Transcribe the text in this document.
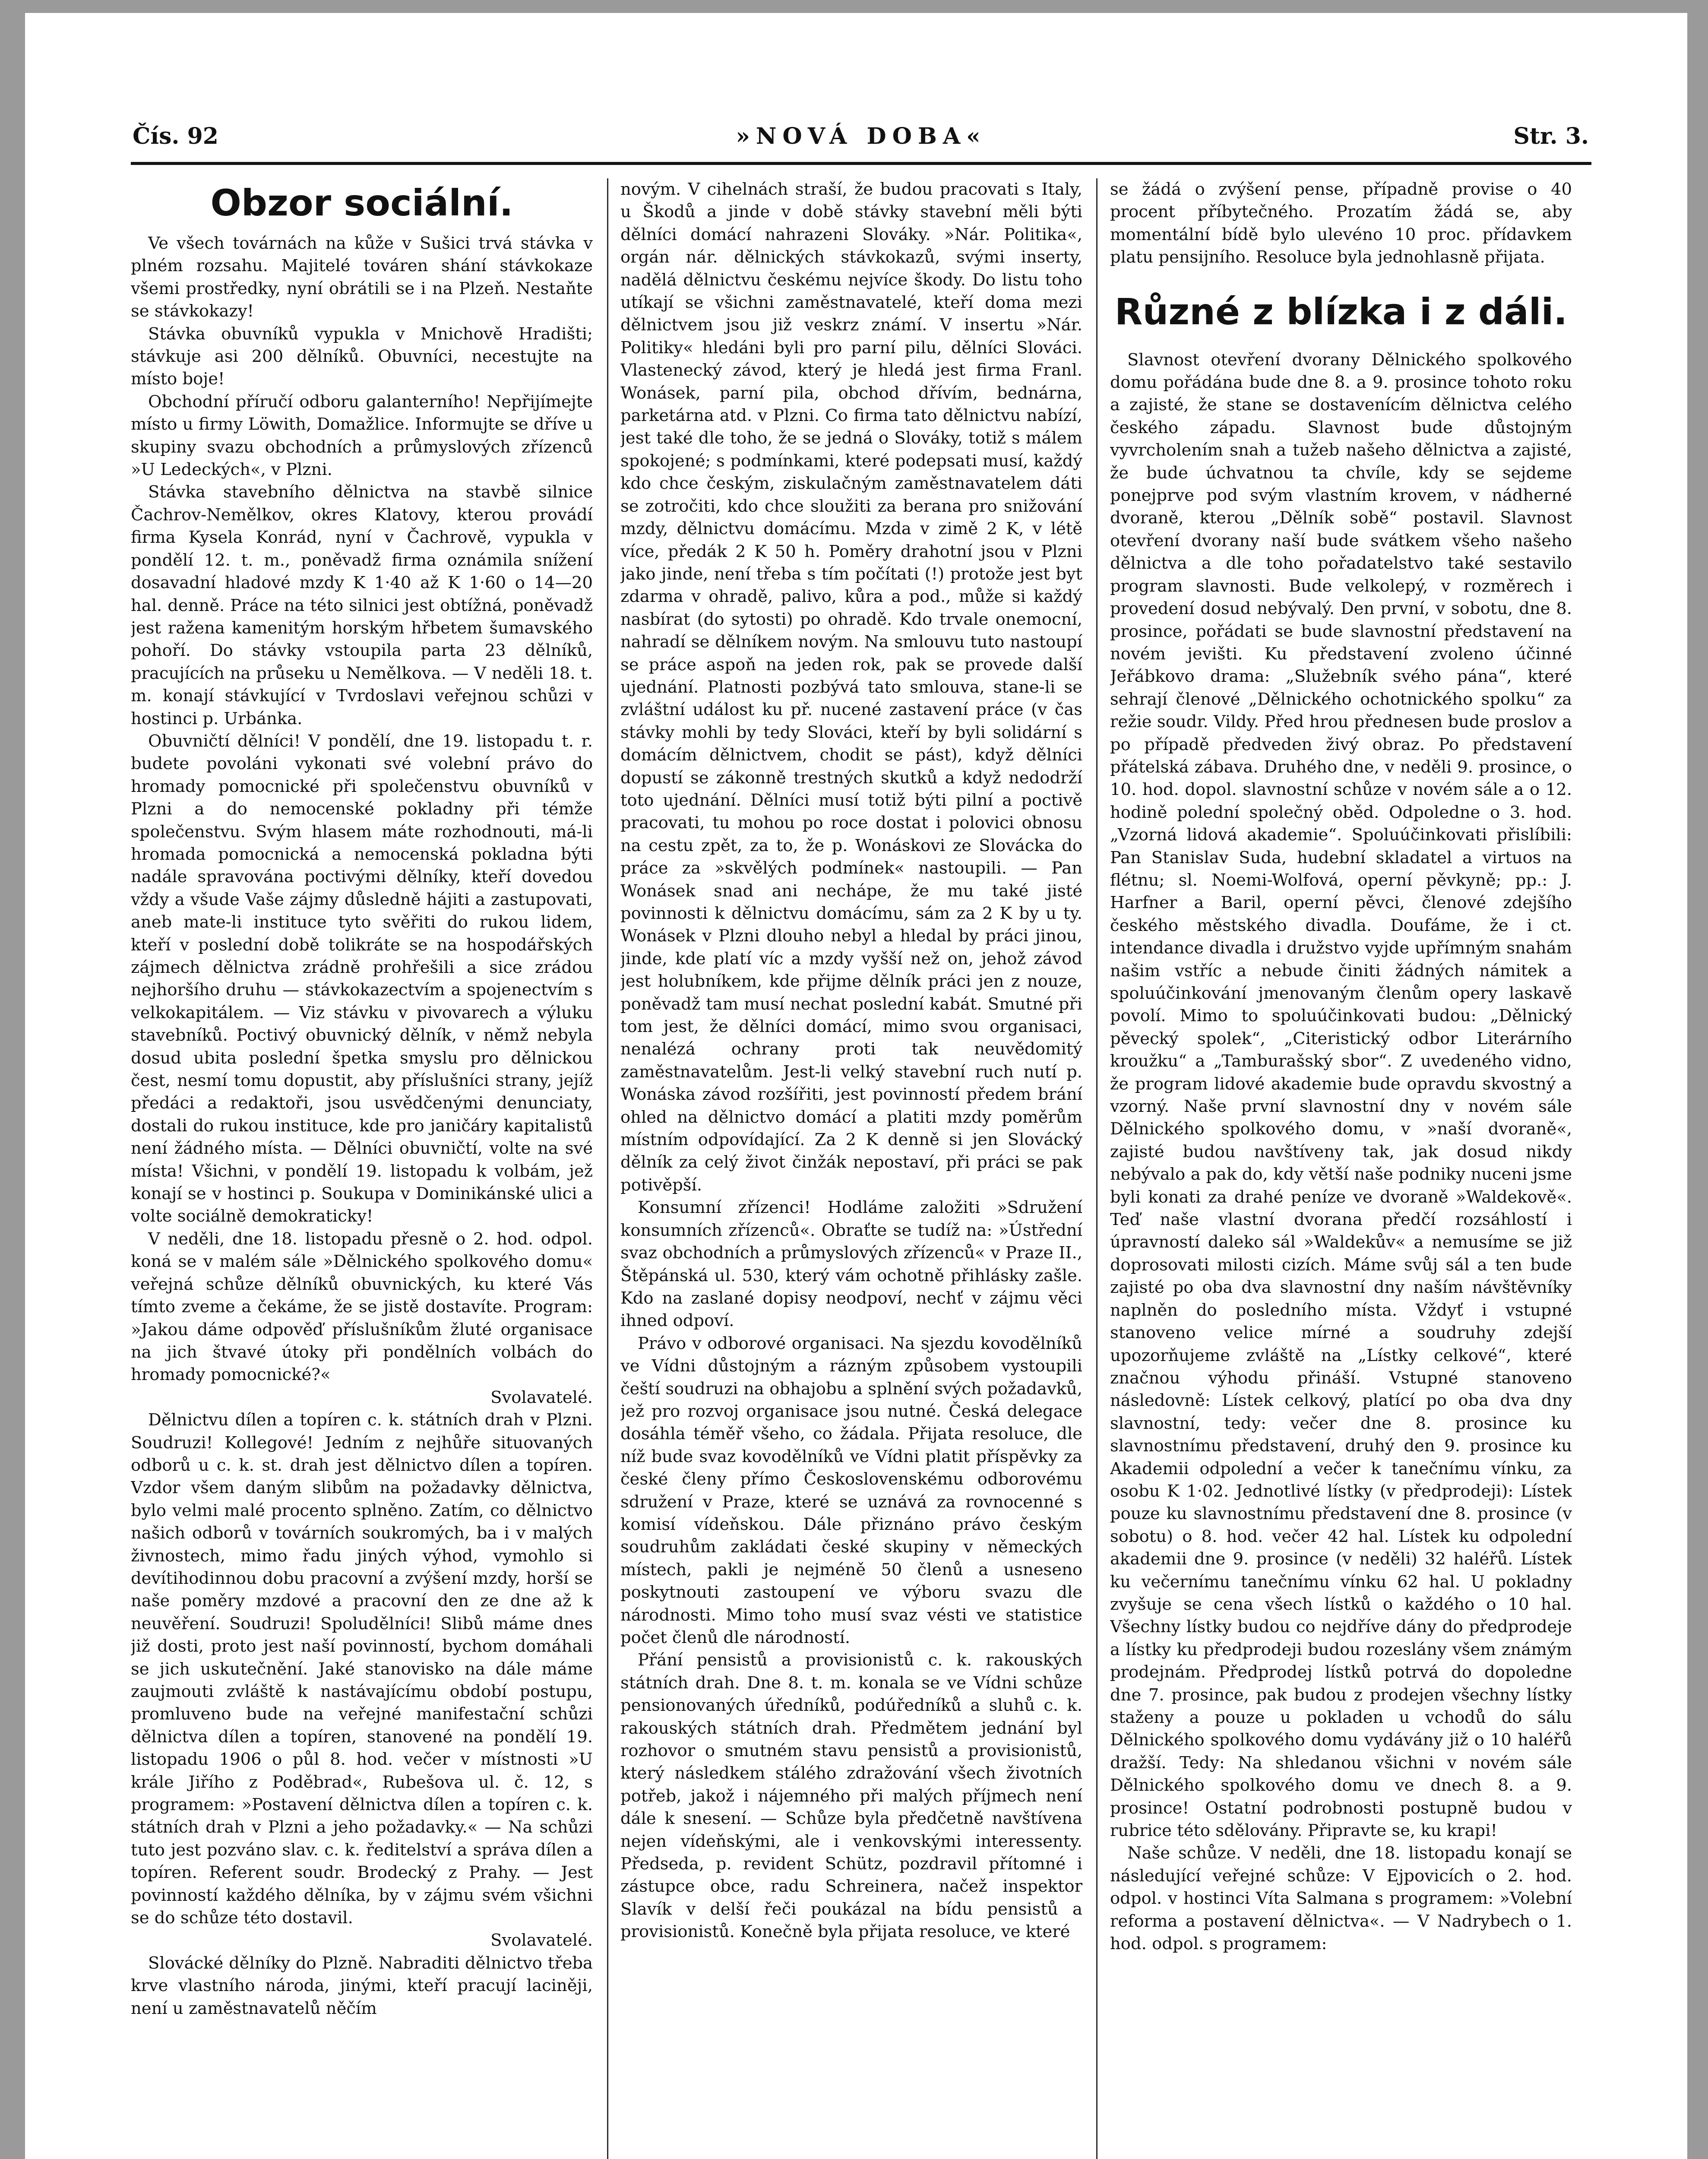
Čís. 92	»NOVÁ DOBA«	Str. 3.
Obzor sociální.

Ve všech továrnách na kůže v Sušici trvá stávka v plném rozsahu. Majitelé továren shání stávkokaze všemi prostředky, nyní obrátili se i na Plzeň. Nestaňte se stávkokazy!

Stávka obuvníků vypukla v Mnichově Hradišti; stávkuje asi 200 dělníků. Obuvníci, necestujte na místo boje!

Obchodní příručí odboru galanterního! Nepřijímejte místo u firmy Löwith, Domažlice. Informujte se dříve u skupiny svazu obchodních a průmyslových zřízenců »U Ledeckých«, v Plzni.

Stávka stavebního dělnictva na stavbě silnice Čachrov-Nemělkov, okres Klatovy, kterou provádí firma Kysela Konrád, nyní v Čachrově, vypukla v pondělí 12. t. m., poněvadž firma oznámila snížení dosavadní hladové mzdy K 1·40 až K 1·60 o 14—20 hal. denně. Práce na této silnici jest obtížná, poněvadž jest ražena kamenitým horským hřbetem šumavského pohoří. Do stávky vstoupila parta 23 dělníků, pracujících na průseku u Nemělkova. — V neděli 18. t. m. konají stávkující v Tvrdoslavi veřejnou schůzi v hostinci p. Urbánka.

Obuvničtí dělníci! V pondělí, dne 19. listopadu t. r. budete povoláni vykonati své volební právo do hromady pomocnické při společenstvu obuvníků v Plzni a do nemocenské pokladny při témže společenstvu. Svým hlasem máte rozhodnouti, má-li hromada pomocnická a nemocenská pokladna býti nadále spravována poctivými dělníky, kteří dovedou vždy a všude Vaše zájmy důsledně hájiti a zastupovati, aneb mate-li instituce tyto svěřiti do rukou lidem, kteří v poslední době tolikráte se na hospodářských zájmech dělnictva zrádně prohřešili a sice zrádou nejhoršího druhu — stávkokazectvím a spojenectvím s velkokapitálem. — Viz stávku v pivovarech a výluku stavebníků. Poctivý obuvnický dělník, v němž nebyla dosud ubita poslední špetka smyslu pro dělnickou čest, nesmí tomu dopustit, aby příslušníci strany, jejíž předáci a redaktoři, jsou usvědčenými denunciaty, dostali do rukou instituce, kde pro janičáry kapitalistů není žádného místa. — Dělníci obuvničtí, volte na své místa! Všichni, v pondělí 19. listopadu k volbám, jež konají se v hostinci p. Soukupa v Dominikánské ulici a volte sociálně demokraticky!

V neděli, dne 18. listopadu přesně o 2. hod. odpol. koná se v malém sále »Dělnického spolkového domu« veřejná schůze dělníků obuvnických, ku které Vás tímto zveme a čekáme, že se jistě dostavíte. Program: »Jakou dáme odpověď příslušníkům žluté organisace na jich štvavé útoky při pondělních volbách do hromady pomocnické?«

Svolavatelé.

Dělnictvu dílen a topíren c. k. státních drah v Plzni. Soudruzi! Kollegové! Jedním z nejhůře situovaných odborů u c. k. st. drah jest dělnictvo dílen a topíren. Vzdor všem daným slibům na požadavky dělnictva, bylo velmi malé procento splněno. Zatím, co dělnictvo našich odborů v továrních soukromých, ba i v malých živnostech, mimo řadu jiných výhod, vymohlo si devítihodinnou dobu pracovní a zvýšení mzdy, horší se naše poměry mzdové a pracovní den ze dne až k neuvěření. Soudruzi! Spoludělníci! Slibů máme dnes již dosti, proto jest naší povinností, bychom domáhali se jich uskutečnění. Jaké stanovisko na dále máme zaujmouti zvláště k nastávajícímu období postupu, promluveno bude na veřejné manifestační schůzi dělnictva dílen a topíren, stanovené na pondělí 19. listopadu 1906 o půl 8. hod. večer v místnosti »U krále Jiřího z Poděbrad«, Rubešova ul. č. 12, s programem: »Postavení dělnictva dílen a topíren c. k. státních drah v Plzni a jeho požadavky.« — Na schůzi tuto jest pozváno slav. c. k. ředitelství a správa dílen a topíren. Referent soudr. Brodecký z Prahy. — Jest povinností každého dělníka, by v zájmu svém všichni se do schůze této dostavil.

Svolavatelé.

Slovácké dělníky do Plzně. Nabraditi dělnictvo třeba krve vlastního národa, jinými, kteří pracují laciněji, není u zaměstnavatelů něčím

novým. V cihelnách straší, že budou pracovati s Italy, u Škodů a jinde v době stávky stavební měli býti dělníci domácí nahrazeni Slováky. »Nár. Politika«, orgán nár. dělnických stávkokazů, svými inserty, nadělá dělnictvu českému nejvíce škody. Do listu toho utíkají se všichni zaměstnavatelé, kteří doma mezi dělnictvem jsou již veskrz známí. V insertu »Nár. Politiky« hledáni byli pro parní pilu, dělníci Slováci. Vlastenecký závod, který je hledá jest firma Franl. Wonásek, parní pila, obchod dřívím, bednárna, parketárna atd. v Plzni. Co firma tato dělnictvu nabízí, jest také dle toho, že se jedná o Slováky, totiž s málem spokojené; s podmínkami, které podepsati musí, každý kdo chce českým, ziskulačným zaměstnavatelem dáti se zotročiti, kdo chce sloužiti za berana pro snižování mzdy, dělnictvu domácímu. Mzda v zimě 2 K, v létě více, předák 2 K 50 h. Poměry drahotní jsou v Plzni jako jinde, není třeba s tím počítati (!) protože jest byt zdarma v ohradě, palivo, kůra a pod., může si každý nasbírat (do sytosti) po ohradě. Kdo trvale onemocní, nahradí se dělníkem novým. Na smlouvu tuto nastoupí se práce aspoň na jeden rok, pak se provede další ujednání. Platnosti pozbývá tato smlouva, stane-li se zvláštní událost ku př. nucené zastavení práce (v čas stávky mohli by tedy Slováci, kteří by byli solidární s domácím dělnictvem, chodit se pást), když dělníci dopustí se zákonně trestných skutků a když nedodrží toto ujednání. Dělníci musí totiž býti pilní a poctivě pracovati, tu mohou po roce dostat i polovici obnosu na cestu zpět, za to, že p. Wonáskovi ze Slovácka do práce za »skvělých podmínek« nastoupili. — Pan Wonásek snad ani nechápe, že mu také jisté povinnosti k dělnictvu domácímu, sám za 2 K by u ty. Wonásek v Plzni dlouho nebyl a hledal by práci jinou, jinde, kde platí víc a mzdy vyšší než on, jehož závod jest holubníkem, kde přijme dělník práci jen z nouze, poněvadž tam musí nechat poslední kabát. Smutné při tom jest, že dělníci domácí, mimo svou organisaci, nenalézá ochrany proti tak neuvědomitý zaměstnavatelům. Jest-li velký stavební ruch nutí p. Wonáska závod rozšířiti, jest povinností předem brání ohled na dělnictvo domácí a platiti mzdy poměrům místním odpovídající. Za 2 K denně si jen Slovácký dělník za celý život činžák nepostaví, při práci se pak potivěpší.

Konsumní zřízenci! Hodláme založiti »Sdružení konsumních zřízenců«. Obraťte se tudíž na: »Ústřední svaz obchodních a průmyslových zřízenců« v Praze II., Štěpánská ul. 530, který vám ochotně přihlásky zašle. Kdo na zaslané dopisy neodpoví, nechť v zájmu věci ihned odpoví.

Právo v odborové organisaci. Na sjezdu kovodělníků ve Vídni důstojným a rázným způsobem vystoupili čeští soudruzi na obhajobu a splnění svých požadavků, jež pro rozvoj organisace jsou nutné. Česká delegace dosáhla téměř všeho, co žádala. Přijata resoluce, dle níž bude svaz kovodělníků ve Vídni platit příspěvky za české členy přímo Československému odborovému sdružení v Praze, které se uznává za rovnocenné s komisí vídeňskou. Dále přiznáno právo českým soudruhům zakládati české skupiny v německých místech, pakli je nejméně 50 členů a usneseno poskytnouti zastoupení ve výboru svazu dle národnosti. Mimo toho musí svaz vésti ve statistice počet členů dle národností.

Přání pensistů a provisionistů c. k. rakouských státních drah. Dne 8. t. m. konala se ve Vídni schůze pensionovaných úředníků, podúředníků a sluhů c. k. rakouských státních drah. Předmětem jednání byl rozhovor o smutném stavu pensistů a provisionistů, který následkem stálého zdražování všech životních potřeb, jakož i nájemného při malých příjmech není dále k snesení. — Schůze byla předčetně navštívena nejen vídeňskými, ale i venkovskými interessenty. Předseda, p. revident Schütz, pozdravil přítomné i zástupce obce, radu Schreinera, načež inspektor Slavík v delší řeči poukázal na bídu pensistů a provisionistů. Konečně byla přijata resoluce, ve které

se žádá o zvýšení pense, případně provise o 40 procent příbytečného. Prozatím žádá se, aby momentální bídě bylo ulevéno 10 proc. přídavkem platu pensijního. Resoluce byla jednohlasně přijata.

Různé z blízka i z dáli.

Slavnost otevření dvorany Dělnického spolkového domu pořádána bude dne 8. a 9. prosince tohoto roku a zajisté, že stane se dostavenícím dělnictva celého českého západu. Slavnost bude důstojným vyvrcholením snah a tužeb našeho dělnictva a zajisté, že bude úchvatnou ta chvíle, kdy se sejdeme ponejprve pod svým vlastním krovem, v nádherné dvoraně, kterou „Dělník sobě“ postavil. Slavnost otevření dvorany naší bude svátkem všeho našeho dělnictva a dle toho pořadatelstvo také sestavilo program slavnosti. Bude velkolepý, v rozměrech i provedení dosud nebývalý. Den první, v sobotu, dne 8. prosince, pořádati se bude slavnostní představení na novém jevišti. Ku představení zvoleno účinné Jeřábkovo drama: „Služebník svého pána“, které sehrají členové „Dělnického ochotnického spolku“ za režie soudr. Vildy. Před hrou přednesen bude proslov a po případě předveden živý obraz. Po představení přátelská zábava. Druhého dne, v neděli 9. prosince, o 10. hod. dopol. slavnostní schůze v novém sále a o 12. hodině polední společný oběd. Odpoledne o 3. hod. „Vzorná lidová akademie“. Spoluúčinkovati přislíbili: Pan Stanislav Suda, hudební skladatel a virtuos na flétnu; sl. Noemi-Wolfová, operní pěvkyně; pp.: J. Harfner a Baril, operní pěvci, členové zdejšího českého městského divadla. Doufáme, že i ct. intendance divadla i družstvo vyjde upřímným snahám našim vstříc a nebude činiti žádných námitek a spoluúčinkování jmenovaným členům opery laskavě povolí. Mimo to spoluúčinkovati budou: „Dělnický pěvecký spolek“, „Citeristický odbor Literárního kroužku“ a „Tamburašský sbor“. Z uvedeného vidno, že program lidové akademie bude opravdu skvostný a vzorný. Naše první slavnostní dny v novém sále Dělnického spolkového domu, v »naší dvoraně«, zajisté budou navštíveny tak, jak dosud nikdy nebývalo a pak do, kdy větší naše podniky nuceni jsme byli konati za drahé peníze ve dvoraně »Waldekově«. Teď naše vlastní dvorana předčí rozsáhlostí i úpravností daleko sál »Waldekův« a nemusíme se již doprosovati milosti cizích. Máme svůj sál a ten bude zajisté po oba dva slavnostní dny naším návštěvníky naplněn do posledního místa. Vždyť i vstupné stanoveno velice mírné a soudruhy zdejší upozorňujeme zvláště na „Lístky celkové“, které značnou výhodu přináší. Vstupné stanoveno následovně: Lístek celkový, platící po oba dva dny slavnostní, tedy: večer dne 8. prosince ku slavnostnímu představení, druhý den 9. prosince ku Akademii odpolední a večer k tanečnímu vínku, za osobu K 1·02. Jednotlivé lístky (v předprodeji): Lístek pouze ku slavnostnímu představení dne 8. prosince (v sobotu) o 8. hod. večer 42 hal. Lístek ku odpolední akademii dne 9. prosince (v neděli) 32 haléřů. Lístek ku večernímu tanečnímu vínku 62 hal. U pokladny zvyšuje se cena všech lístků o každého o 10 hal. Všechny lístky budou co nejdříve dány do předprodeje a lístky ku předprodeji budou rozeslány všem známým prodejnám. Předprodej lístků potrvá do dopoledne dne 7. prosince, pak budou z prodejen všechny lístky staženy a pouze u pokladen u vchodů do sálu Dělnického spolkového domu vydávány již o 10 haléřů dražší. Tedy: Na shledanou všichni v novém sále Dělnického spolkového domu ve dnech 8. a 9. prosince! Ostatní podrobnosti postupně budou v rubrice této sdělovány. Připravte se, ku krapi!

Naše schůze. V neděli, dne 18. listopadu konají se následující veřejné schůze: V Ejpovicích o 2. hod. odpol. v hostinci Víta Salmana s programem: »Volební reforma a postavení dělnictva«. — V Nadrybech o 1. hod. odpol. s programem:
